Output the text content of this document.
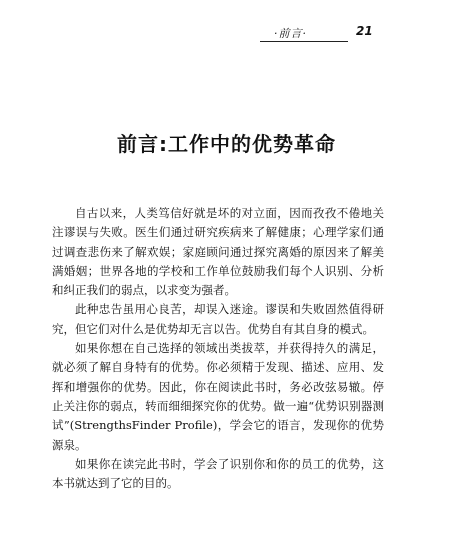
·前言·	21
前言:工作中的优势革命

自古以来，人类笃信好就是坏的对立面，因而孜孜不倦地关注谬误与失败。医生们通过研究疾病来了解健康；心理学家们通过调查悲伤来了解欢娱；家庭顾问通过探究离婚的原因来了解美满婚姻；世界各地的学校和工作单位鼓励我们每个人识别、分析和纠正我们的弱点，以求变为强者。

此种忠告虽用心良苦，却误入迷途。谬误和失败固然值得研究，但它们对什么是优势却无言以告。优势自有其自身的模式。

如果你想在自己选择的领域出类拔萃，并获得持久的满足，就必须了解自身特有的优势。你必须精于发现、描述、应用、发挥和增强你的优势。因此，你在阅读此书时，务必改弦易辙。停止关注你的弱点，转而细细探究你的优势。做一遍“优势识别器测试”(StrengthsFinder Profile)，学会它的语言，发现你的优势源泉。

如果你在读完此书时，学会了识别你和你的员工的优势，这本书就达到了它的目的。
